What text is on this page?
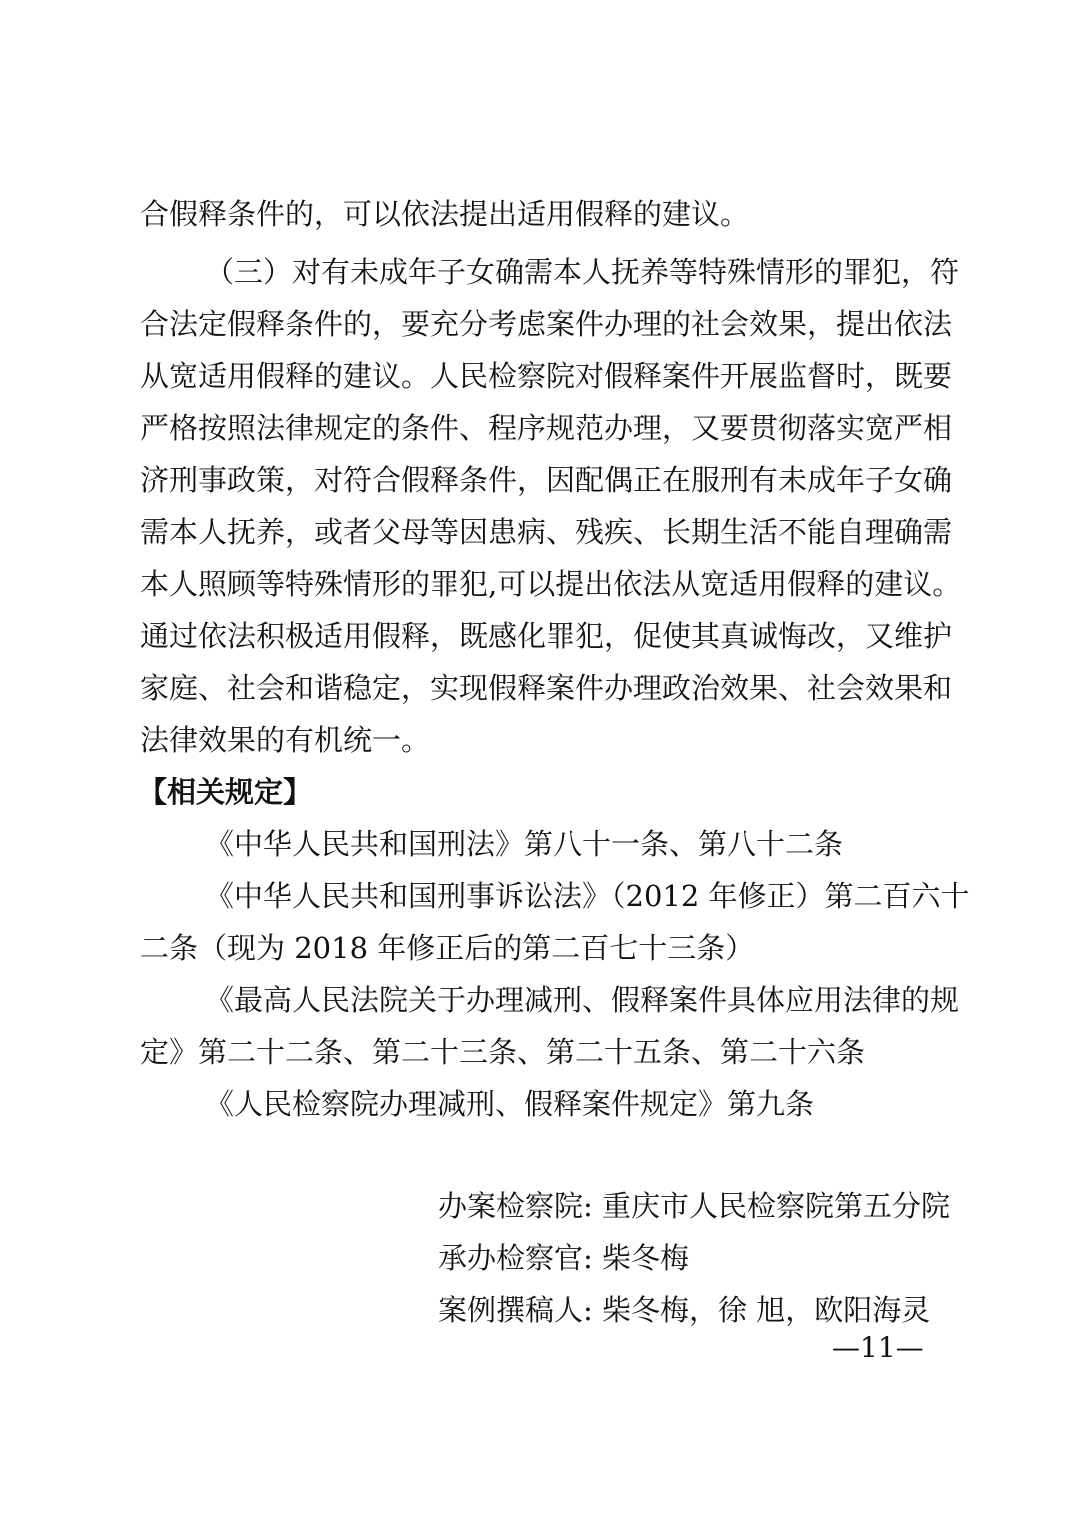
合假释条件的，可以依法提出适用假释的建议。
（三）对有未成年子女确需本人抚养等特殊情形的罪犯，符
合法定假释条件的，要充分考虑案件办理的社会效果，提出依法
从宽适用假释的建议。人民检察院对假释案件开展监督时，既要
严格按照法律规定的条件、程序规范办理，又要贯彻落实宽严相
济刑事政策，对符合假释条件，因配偶正在服刑有未成年子女确
需本人抚养，或者父母等因患病、残疾、长期生活不能自理确需
本人照顾等特殊情形的罪犯,可以提出依法从宽适用假释的建议。
通过依法积极适用假释，既感化罪犯，促使其真诚悔改，又维护
家庭、社会和谐稳定，实现假释案件办理政治效果、社会效果和
法律效果的有机统一。
【相关规定】
《中华人民共和国刑法》第八十一条、第八十二条
《中华人民共和国刑事诉讼法》（2012 年修正）第二百六十
二条（现为 2018 年修正后的第二百七十三条）
《最高人民法院关于办理减刑、假释案件具体应用法律的规
定》第二十二条、第二十三条、第二十五条、第二十六条
《人民检察院办理减刑、假释案件规定》第九条
办案检察院: 重庆市人民检察院第五分院
承办检察官: 柴冬梅
案例撰稿人: 柴冬梅，徐 旭，欧阳海灵
—11—
